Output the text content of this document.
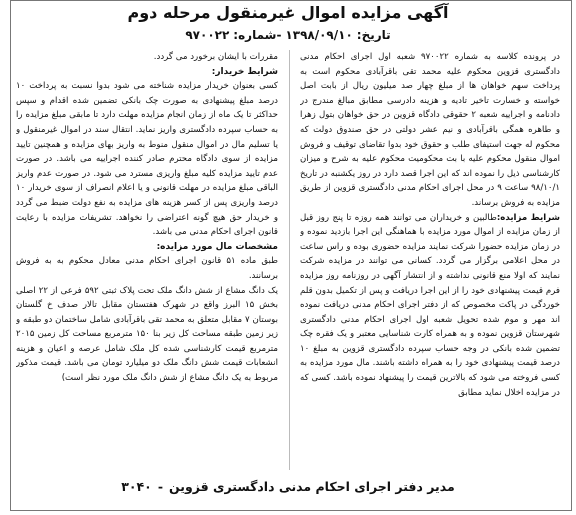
آگهی مزایده اموال غیرمنقول مرحله دوم
تاریخ:۱۳۹۸/۰۹/۱۰-شماره:۹۷۰۰۲۲

در پرونده کلاسه به شماره ۹۷۰۰۲۲ شعبه اول اجرای احکام مدنی دادگستری قزوین محکوم علیه محمد تقی باقرآبادی محکوم است به پرداخت سهم خواهان ها از مبلغ چهار صد میلیون ریال از بابت اصل خواسته و خسارت تاخیر تادیه و هزینه دادرسی مطابق مبالغ مندرج در دادنامه و اجراییه شعبه ۲ حقوقی دادگاه قزوین در حق خواهان بتول زهرا و طاهره همگی باقرآبادی و نیم عشر دولتی در حق صندوق دولت که محکوم له جهت استیفای طلب و حقوق خود بدوا تقاضای توقیف و فروش اموال منقول محکوم علیه با بت محکومیت محکوم علیه به شرح و میزان کارشناسی ذیل را نموده اند که این اجرا قصد دارد در روز یکشنبه در تاریخ ۹۸/۱۰/۱ ساعت ۹ در محل اجرای احکام مدنی دادگستری قزوین از طریق مزایده به فروش برساند.

شرایط مزایده:طالبین و خریداران می توانند همه روزه تا پنج روز قبل از زمان مزایده از اموال مورد مزایده با هماهنگی این اجرا بازدید نموده و در زمان مزایده حضورا شرکت نمایند مزایده حضوری بوده و راس ساعت در محل اعلامی برگزار می گردد. کسانی می توانند در مزایده شرکت نمایند که اولا منع قانونی نداشته و از انتشار آگهی در روزنامه روز مزایده فرم قیمت پیشنهادی خود را از این اجرا دریافت و پس از تکمیل بدون قلم خوردگی در پاکت مخصوص که از دفتر اجرای احکام مدنی دریافت نموده اند مهر و موم شده تحویل شعبه اول اجرای احکام مدنی دادگستری شهرستان قزوین نموده و به همراه کارت شناسایی معتبر و یک فقره چک تضمین شده بانکی در وجه حساب سپرده دادگستری قزوین به مبلغ ۱۰ درصد قیمت پیشنهادی خود را به همراه داشته باشند. مال مورد مزایده به کسی فروخته می شود که بالاترین قیمت را پیشنهاد نموده باشد. کسی که در مزایده اخلال نماید مطابق

مقررات با ایشان برخورد می گردد.

شرایط خریدار:

کسی بعنوان خریدار مزایده شناخته می شود بدوا نسبت به پرداخت ۱۰ درصد مبلغ پیشنهادی به صورت چک بانکی تضمین شده اقدام و سپس حداکثر تا یک ماه از زمان انجام مزایده مهلت دارد تا مابقی مبلغ مزایده را به حساب سپرده دادگستری واریز نماید. انتقال سند در اموال غیرمنقول و یا تسلیم مال در اموال منقول منوط به واریز بهای مزایده و همچنین تایید مزایده از سوی دادگاه محترم صادر کننده اجراییه می باشد. در صورت عدم تایید مزایده کلیه مبلغ واریزی مسترد می شود. در صورت عدم واریز الباقی مبلغ مزایده در مهلت قانونی و یا اعلام انصراف از سوی خریدار ۱۰ درصد واریزی پس از کسر هزینه های مزایده به نفع دولت ضبط می گردد و خریدار حق هیچ گونه اعتراضی را نخواهد. تشریفات مزایده با رعایت قانون اجرای احکام مدنی می باشد.

مشخصات مال مورد مزایده:

طبق ماده ۵۱ قانون اجرای احکام مدنی معادل محکوم به به فروش برسانند.

یک دانگ مشاع از شش دانگ ملک تحت پلاک ثبتی ۵۹۲ فرعی از ۲۲ اصلی بخش ۱۵ البرز واقع در شهرک هفتستان مقابل تالار صدف خ گلستان بوستان ۷ مقابل متعلق به محمد تقی باقرآبادی شامل ساختمان دو طبقه و زیر زمین طبقه مساحت کل زیر بنا ۱۵۰ مترمربع مساحت کل زمین ۲۰۱۵ مترمربع قیمت کارشناسی شده کل ملک شامل عرصه و اعیان و هزینه انشعابات قیمت شش دانگ ملک دو میلیارد تومان می باشد. قیمت مذکور مربوط به یک دانگ مشاع از شش دانگ ملک مورد نظر است)

مدیر دفتر اجرای احکام مدنی دادگستری قزوین-۳۰۴۰
